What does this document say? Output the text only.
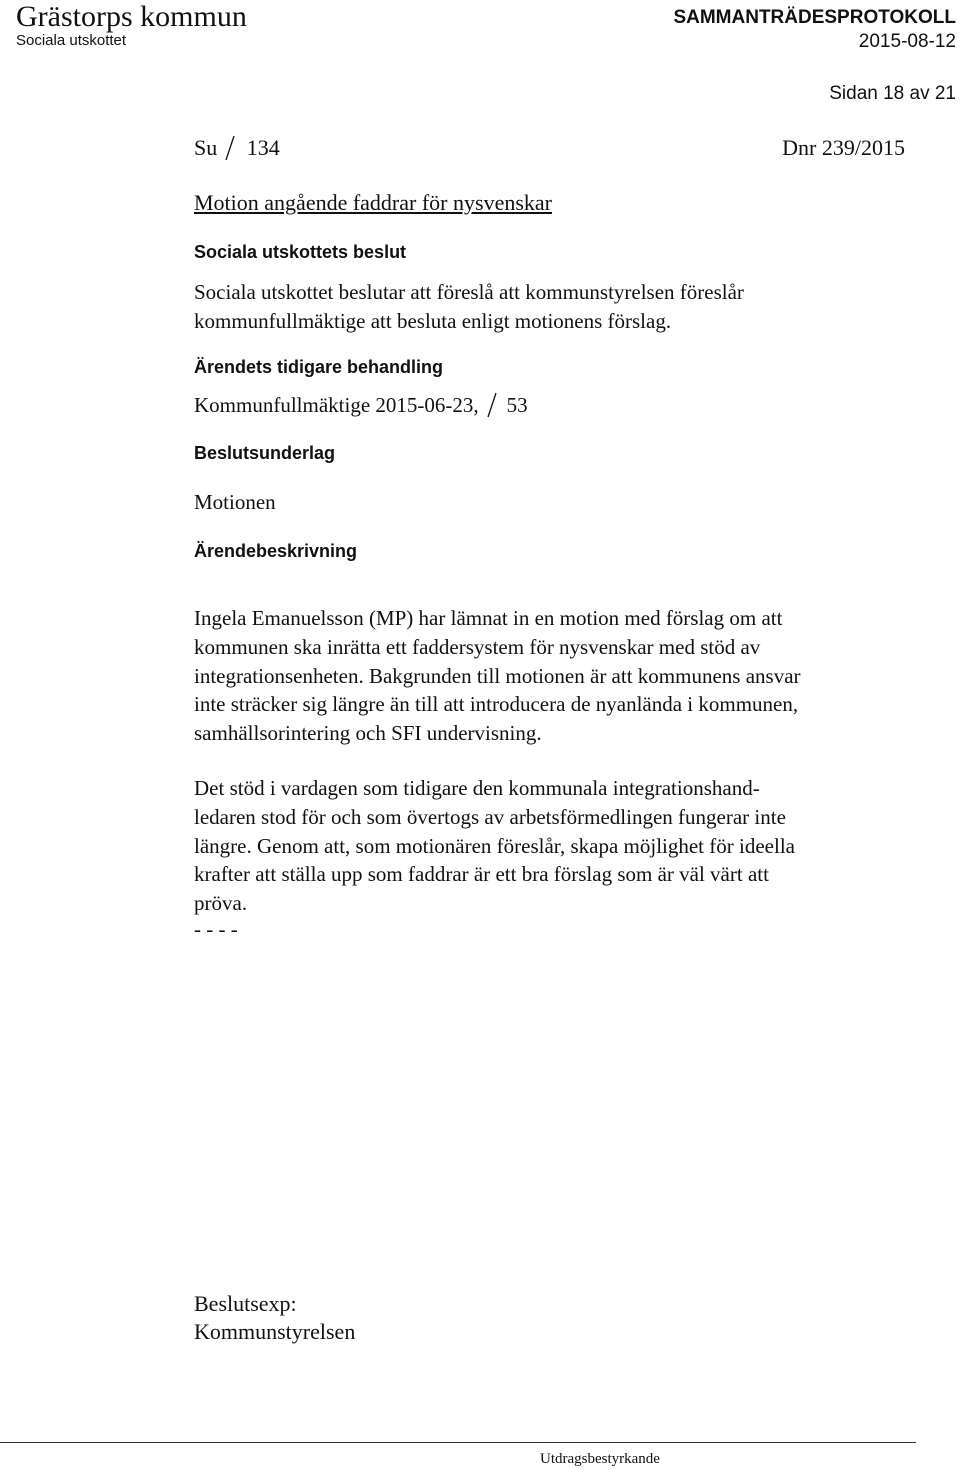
Grästorps kommun
Sociala utskottet
SAMMANTRÄDESPROTOKOLL
2015-08-12
Sidan 18 av 21
Su 134	Dnr 239/2015
Motion angående faddrar för nysvenskar
Sociala utskottets beslut
Sociala utskottet beslutar att föreslå att kommunstyrelsen föreslår
kommunfullmäktige att besluta enligt motionens förslag.
Ärendets tidigare behandling
Kommunfullmäktige 2015-06-23, 53
Beslutsunderlag
Motionen
Ärendebeskrivning
Ingela Emanuelsson (MP) har lämnat in en motion med förslag om att
kommunen ska inrätta ett faddersystem för nysvenskar med stöd av
integrationsenheten. Bakgrunden till motionen är att kommunens ansvar
inte sträcker sig längre än till att introducera de nyanlända i kommunen,
samhällsorintering och SFI undervisning.
Det stöd i vardagen som tidigare den kommunala integrationshand-
ledaren stod för och som övertogs av arbetsförmedlingen fungerar inte
längre. Genom att, som motionären föreslår, skapa möjlighet för ideella
krafter att ställa upp som faddrar är ett bra förslag som är väl värt att
pröva.
- - - -
Beslutsexp:
Kommunstyrelsen
Utdragsbestyrkande
